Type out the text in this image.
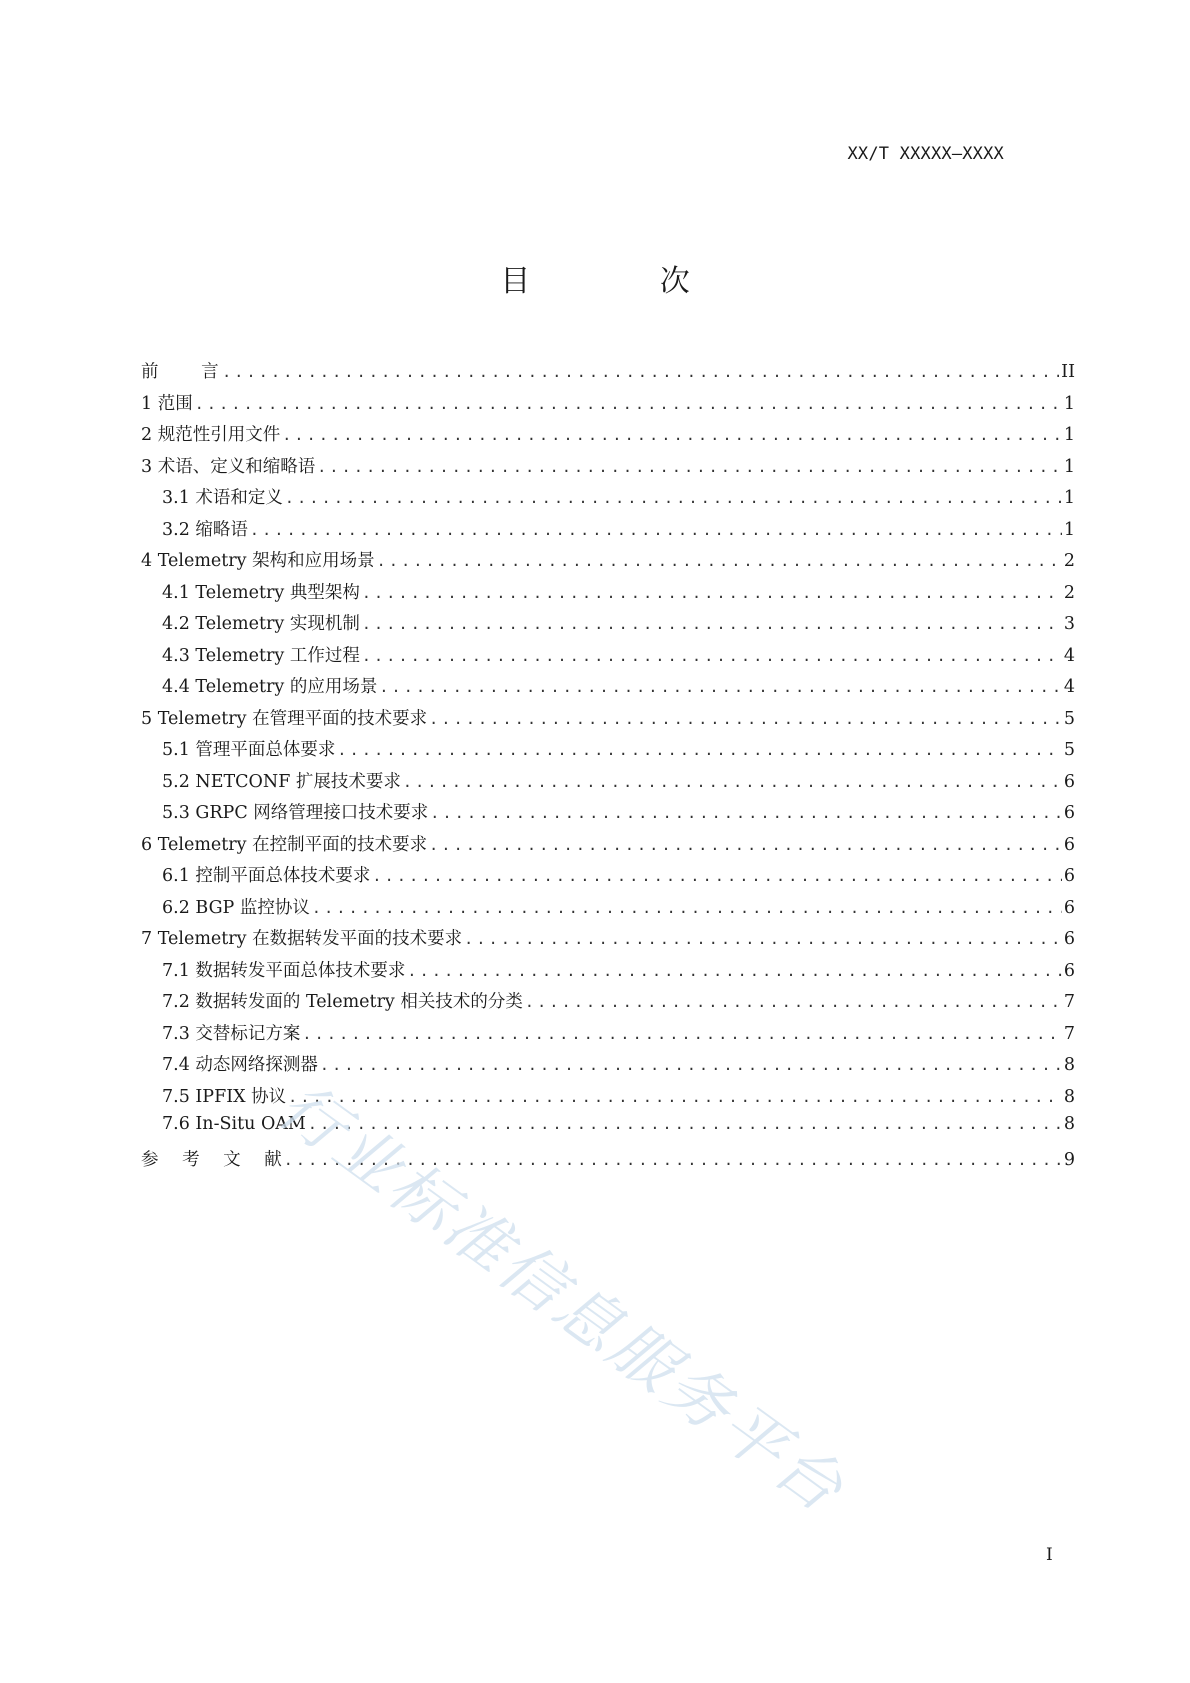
XX/T XXXXX—XXXX
目 次
前 言 .....	II
1 范围 .....	1
2 规范性引用文件 .....	1
3 术语、定义和缩略语 .....	1
3.1 术语和定义 .....	1
3.2 缩略语 .....	1
4 Telemetry 架构和应用场景 .....	2
4.1 Telemetry 典型架构 .....	2
4.2 Telemetry 实现机制 .....	3
4.3 Telemetry 工作过程 .....	4
4.4 Telemetry 的应用场景 .....	4
5 Telemetry 在管理平面的技术要求 .....	5
5.1 管理平面总体要求 .....	5
5.2 NETCONF 扩展技术要求 .....	6
5.3 GRPC 网络管理接口技术要求 .....	6
6 Telemetry 在控制平面的技术要求 .....	6
6.1 控制平面总体技术要求 .....	6
6.2 BGP 监控协议 .....	6
7 Telemetry 在数据转发平面的技术要求 .....	6
7.1 数据转发平面总体技术要求 .....	6
7.2 数据转发面的 Telemetry 相关技术的分类 .....	7
7.3 交替标记方案 .....	7
7.4 动态网络探测器 .....	8
7.5 IPFIX 协议 .....	8
7.6 In-Situ OAM .....	8
参 考 文 献 .....	9
I
行业标准信息服务平台
